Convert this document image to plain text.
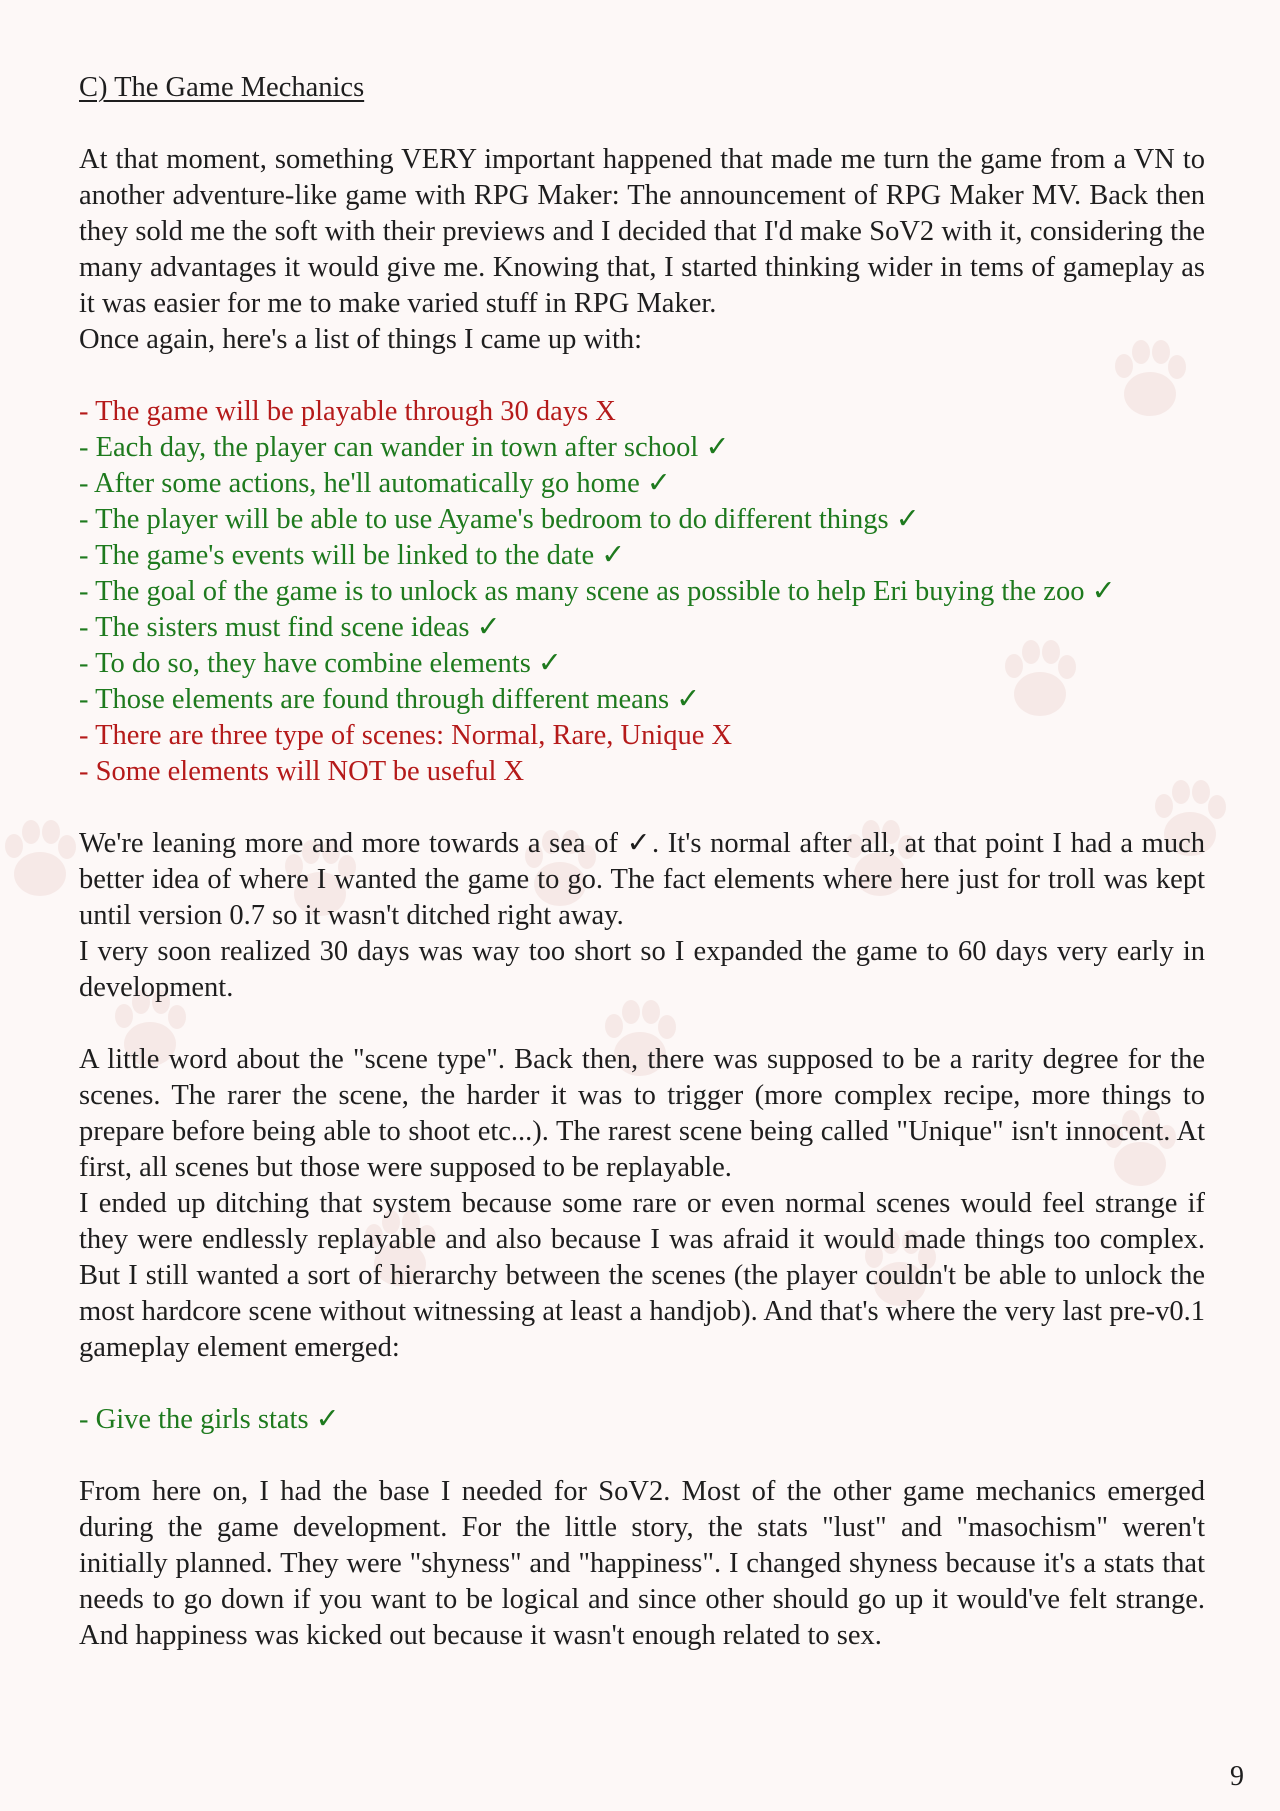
C) The Game Mechanics

At that moment, something VERY important happened that made me turn the game from a VN to another adventure-like game with RPG Maker: The announcement of RPG Maker MV. Back then they sold me the soft with their previews and I decided that I'd make SoV2 with it, considering the many advantages it would give me. Knowing that, I started thinking wider in tems of gameplay as it was easier for me to make varied stuff in RPG Maker.

Once again, here's a list of things I came up with:

- The game will be playable through 30 days X
- Each day, the player can wander in town after school ✓
- After some actions, he'll automatically go home ✓
- The player will be able to use Ayame's bedroom to do different things ✓
- The game's events will be linked to the date ✓
- The goal of the game is to unlock as many scene as possible to help Eri buying the zoo ✓
- The sisters must find scene ideas ✓
- To do so, they have combine elements ✓
- Those elements are found through different means ✓
- There are three type of scenes: Normal, Rare, Unique X
- Some elements will NOT be useful X

We're leaning more and more towards a sea of ✓. It's normal after all, at that point I had a much better idea of where I wanted the game to go. The fact elements where here just for troll was kept until version 0.7 so it wasn't ditched right away.

I very soon realized 30 days was way too short so I expanded the game to 60 days very early in development.

A little word about the "scene type". Back then, there was supposed to be a rarity degree for the scenes. The rarer the scene, the harder it was to trigger (more complex recipe, more things to prepare before being able to shoot etc...). The rarest scene being called "Unique" isn't innocent. At first, all scenes but those were supposed to be replayable.

I ended up ditching that system because some rare or even normal scenes would feel strange if they were endlessly replayable and also because I was afraid it would made things too complex. But I still wanted a sort of hierarchy between the scenes (the player couldn't be able to unlock the most hardcore scene without witnessing at least a handjob). And that's where the very last pre-v0.1 gameplay element emerged:

- Give the girls stats ✓

From here on, I had the base I needed for SoV2. Most of the other game mechanics emerged during the game development. For the little story, the stats "lust" and "masochism" weren't initially planned. They were "shyness" and "happiness". I changed shyness because it's a stats that needs to go down if you want to be logical and since other should go up it would've felt strange. And happiness was kicked out because it wasn't enough related to sex.

9
